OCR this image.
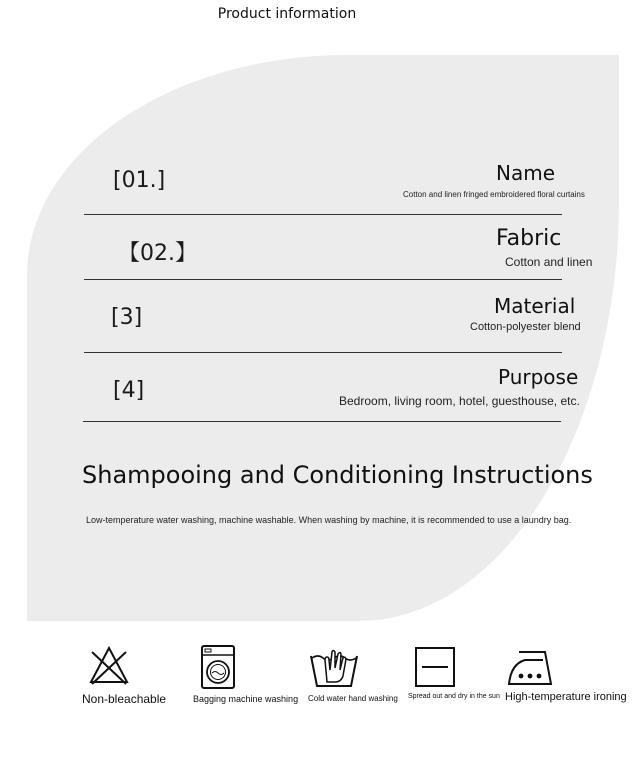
Product information
[01.]	Name
Cotton and linen fringed embroidered floral curtains
【02.】
Fabric
Cotton and linen
[3]	Material
Cotton-polyester blend
[4]
Purpose
Bedroom, living room, hotel, guesthouse, etc.
Shampooing and Conditioning Instructions
Low-temperature water washing, machine washable. When washing by machine, it is recommended to use a laundry bag.
Non-bleachable	Bagging machine washing Cold water hand washing Spread out and dry in the sun High-temperature ironing
